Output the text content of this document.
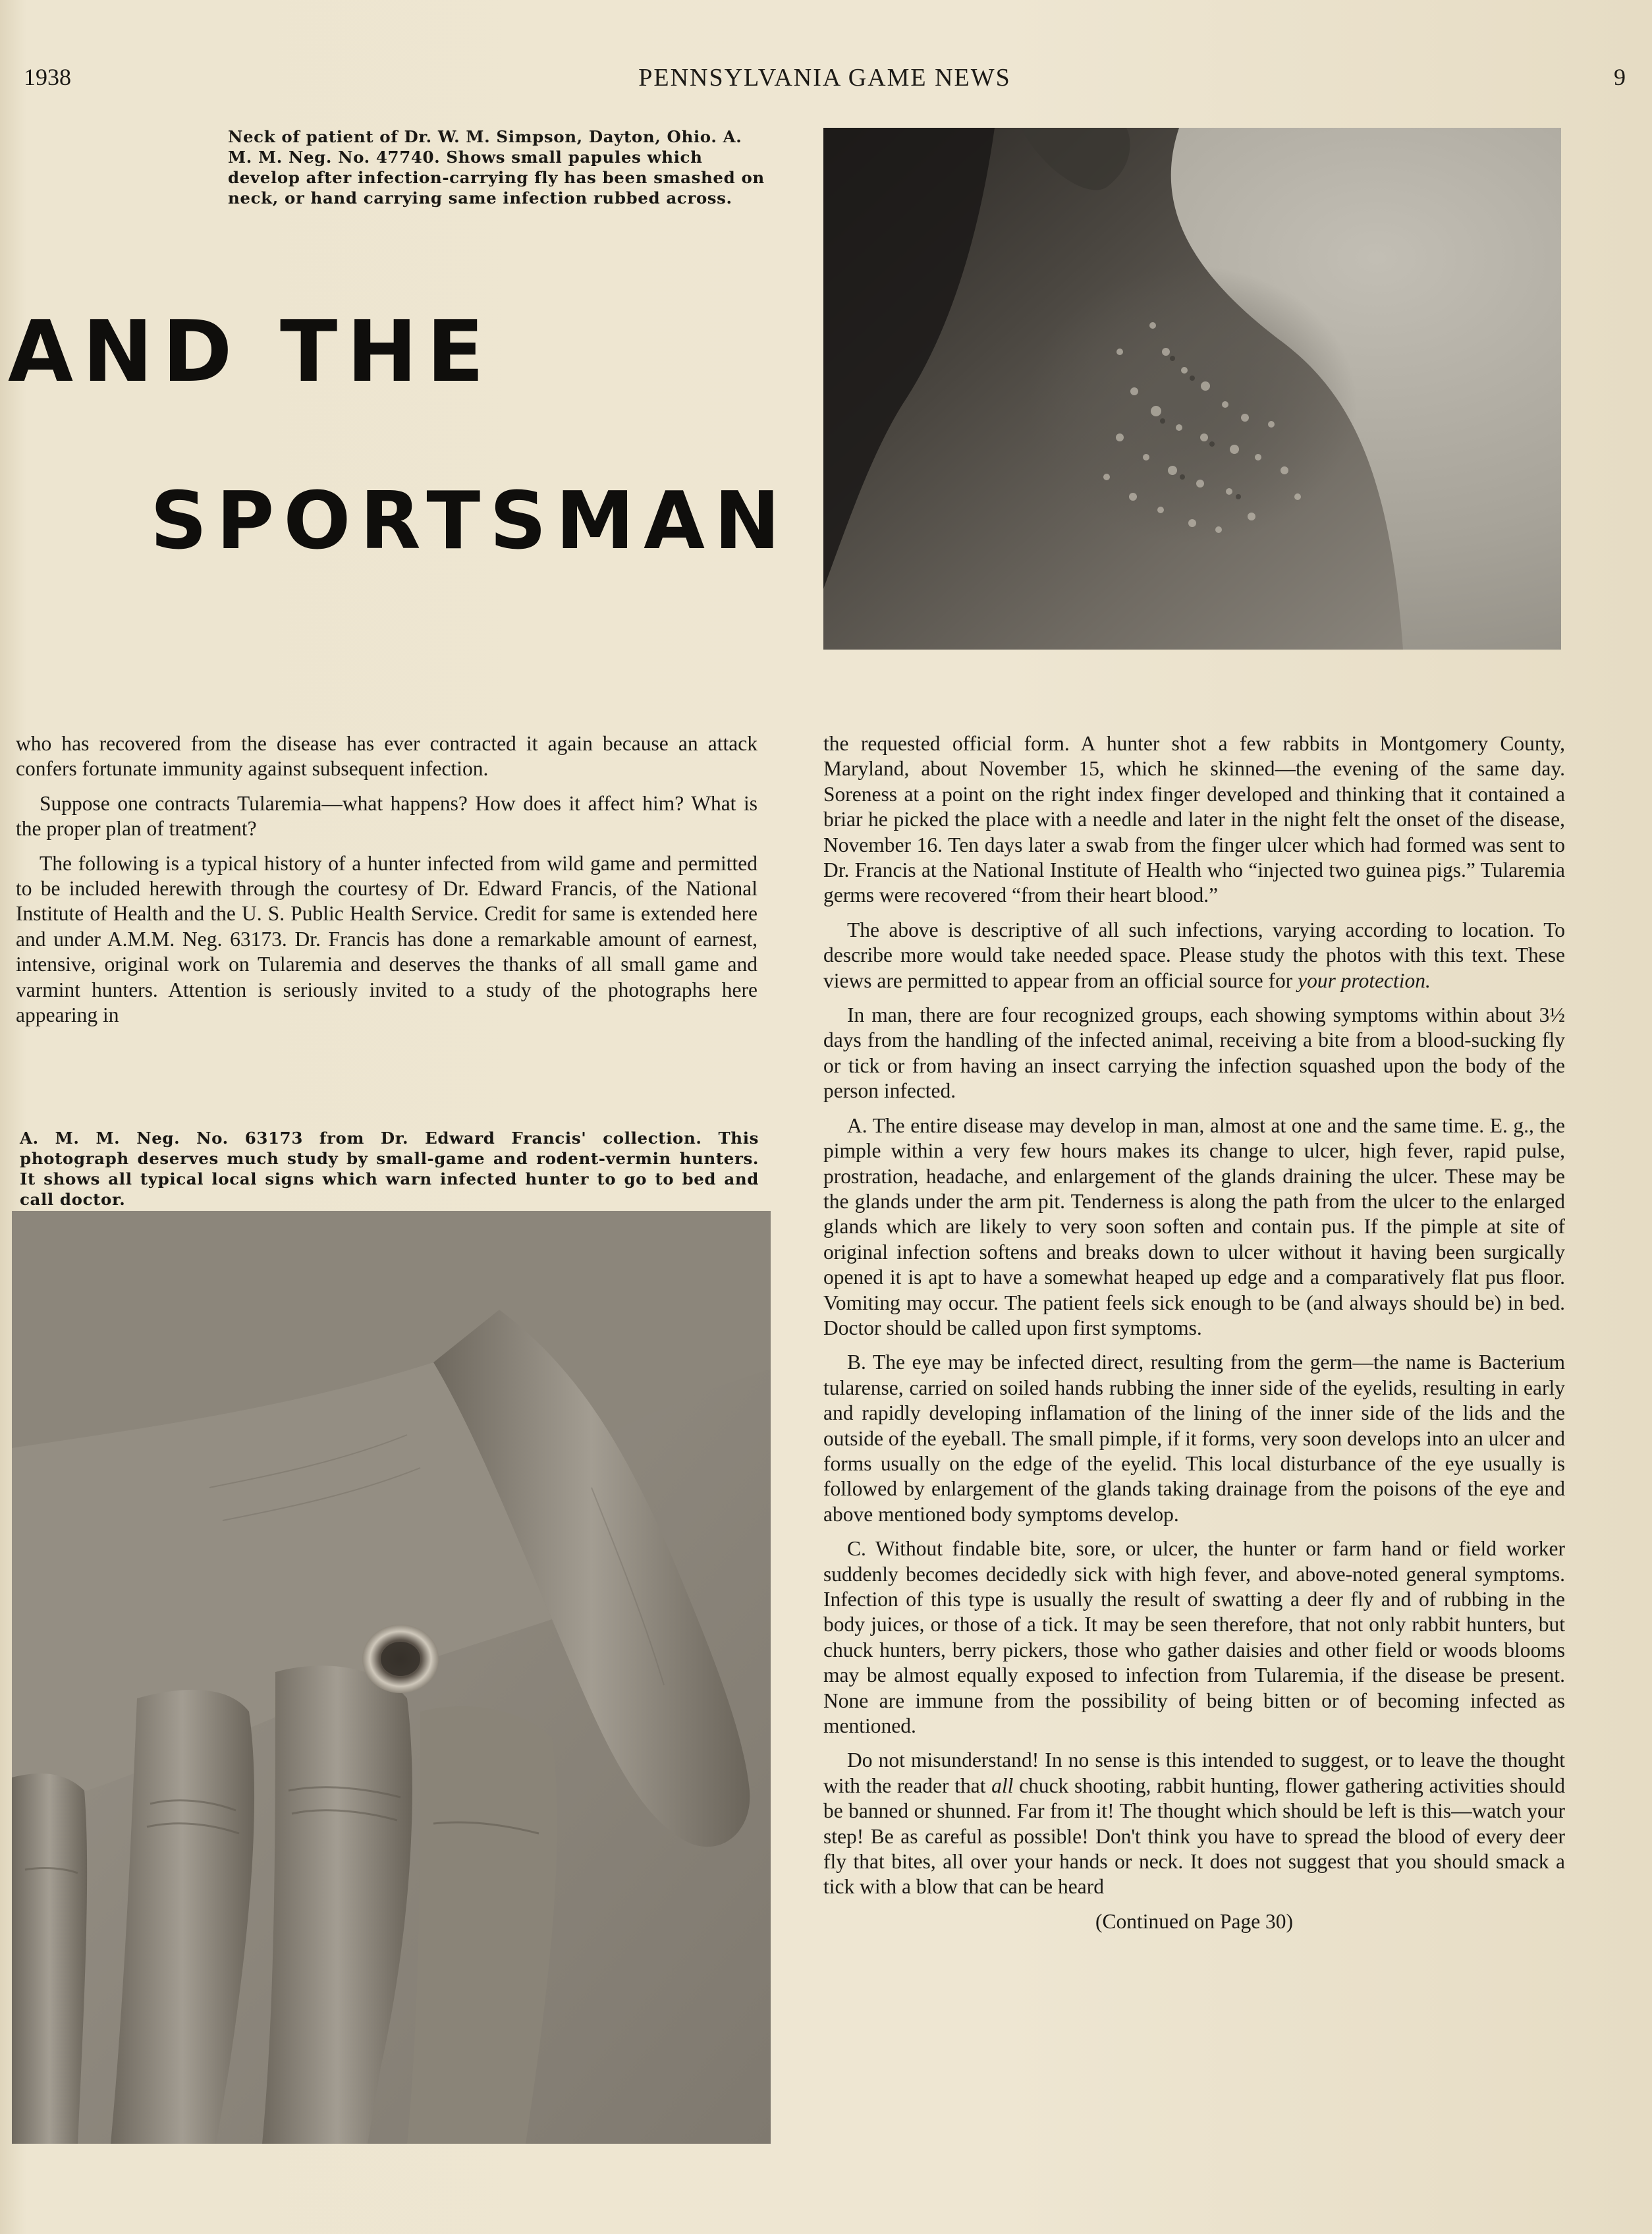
1938	PENNSYLVANIA GAME NEWS	9
Neck of patient of Dr. W. M. Simpson, Dayton, Ohio. A. M. M. Neg. No. 47740. Shows small papules which develop after infection-carrying fly has been smashed on neck, or hand carrying same infection rubbed across.
AND THE
SPORTSMAN

who has recovered from the disease has ever contracted it again because an attack confers fortunate immunity against subsequent infection.

Suppose one contracts Tularemia—what happens? How does it affect him? What is the proper plan of treatment?

The following is a typical history of a hunter infected from wild game and permitted to be included herewith through the courtesy of Dr. Edward Francis, of the National Institute of Health and the U. S. Public Health Service. Credit for same is extended here and under A.M.M. Neg. 63173. Dr. Francis has done a remarkable amount of earnest, intensive, original work on Tularemia and deserves the thanks of all small game and varmint hunters. Attention is seriously invited to a study of the photographs here appearing in

A. M. M. Neg. No. 63173 from Dr. Edward Francis' collection. This photograph deserves much study by small-game and rodent-vermin hunters. It shows all typical local signs which warn infected hunter to go to bed and call doctor.

the requested official form. A hunter shot a few rabbits in Montgomery County, Maryland, about November 15, which he skinned—the evening of the same day. Soreness at a point on the right index finger developed and thinking that it contained a briar he picked the place with a needle and later in the night felt the onset of the disease, November 16. Ten days later a swab from the finger ulcer which had formed was sent to Dr. Francis at the National Institute of Health who “injected two guinea pigs.” Tularemia germs were recovered “from their heart blood.”

The above is descriptive of all such infections, varying according to location. To describe more would take needed space. Please study the photos with this text. These views are permitted to appear from an official source for your protection.

In man, there are four recognized groups, each showing symptoms within about 3½ days from the handling of the infected animal, receiving a bite from a blood-sucking fly or tick or from having an insect carrying the infection squashed upon the body of the person infected.

A. The entire disease may develop in man, almost at one and the same time. E. g., the pimple within a very few hours makes its change to ulcer, high fever, rapid pulse, prostration, headache, and enlargement of the glands draining the ulcer. These may be the glands under the arm pit. Tenderness is along the path from the ulcer to the enlarged glands which are likely to very soon soften and contain pus. If the pimple at site of original infection softens and breaks down to ulcer without it having been surgically opened it is apt to have a somewhat heaped up edge and a comparatively flat pus floor. Vomiting may occur. The patient feels sick enough to be (and always should be) in bed. Doctor should be called upon first symptoms.

B. The eye may be infected direct, resulting from the germ—the name is Bacterium tularense, carried on soiled hands rubbing the inner side of the eyelids, resulting in early and rapidly developing inflamation of the lining of the inner side of the lids and the outside of the eyeball. The small pimple, if it forms, very soon develops into an ulcer and forms usually on the edge of the eyelid. This local disturbance of the eye usually is followed by enlargement of the glands taking drainage from the poisons of the eye and above mentioned body symptoms develop.

C. Without findable bite, sore, or ulcer, the hunter or farm hand or field worker suddenly becomes decidedly sick with high fever, and above-noted general symptoms. Infection of this type is usually the result of swatting a deer fly and of rubbing in the body juices, or those of a tick. It may be seen therefore, that not only rabbit hunters, but chuck hunters, berry pickers, those who gather daisies and other field or woods blooms may be almost equally exposed to infection from Tularemia, if the disease be present. None are immune from the possibility of being bitten or of becoming infected as mentioned.

Do not misunderstand! In no sense is this intended to suggest, or to leave the thought with the reader that all chuck shooting, rabbit hunting, flower gathering activities should be banned or shunned. Far from it! The thought which should be left is this—watch your step! Be as careful as possible! Don't think you have to spread the blood of every deer fly that bites, all over your hands or neck. It does not suggest that you should smack a tick with a blow that can be heard

(Continued on Page 30)
